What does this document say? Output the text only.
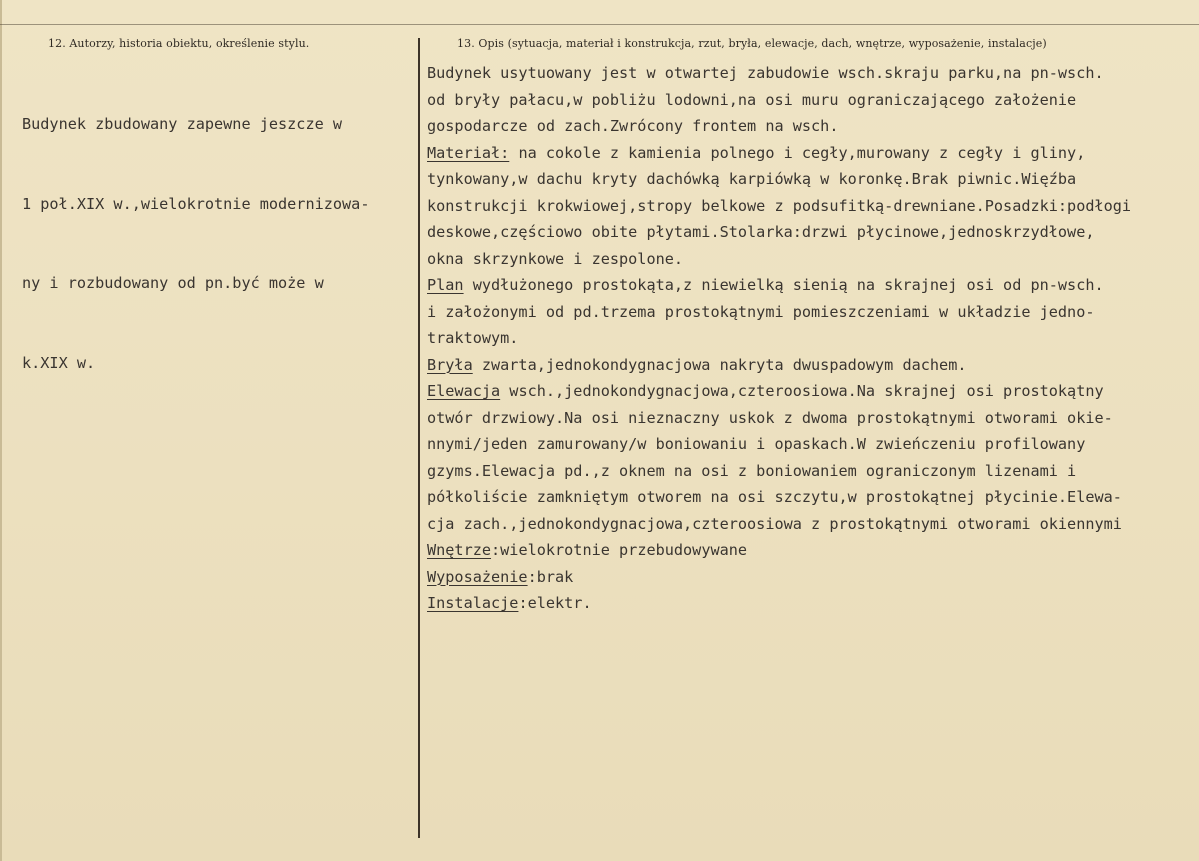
12. Autorzy, historia obiektu, określenie stylu.	13. Opis (sytuacja, materiał i konstrukcja, rzut, bryła, elewacje, dach, wnętrze, wyposażenie, instalacje)

Budynek zbudowany zapewne jeszcze w

1 poł.XIX w.,wielokrotnie modernizowa-

ny i rozbudowany od pn.być może w

k.XIX w.

Budynek usytuowany jest w otwartej zabudowie wsch.skraju parku,na pn-wsch.
od bryły pałacu,w pobliżu lodowni,na osi muru ograniczającego założenie
gospodarcze od zach.Zwrócony frontem na wsch.
Materiał: na cokole z kamienia polnego i cegły,murowany z cegły i gliny,
tynkowany,w dachu kryty dachówką karpiówką w koronkę.Brak piwnic.Więźba
konstrukcji krokwiowej,stropy belkowe z podsufitką-drewniane.Posadzki:podłogi
deskowe,częściowo obite płytami.Stolarka:drzwi płycinowe,jednoskrzydłowe,
okna skrzynkowe i zespolone.
Plan wydłużonego prostokąta,z niewielką sienią na skrajnej osi od pn-wsch.
i założonymi od pd.trzema prostokątnymi pomieszczeniami w układzie jedno-
traktowym.
Bryła zwarta,jednokondygnacjowa nakryta dwuspadowym dachem.
Elewacja wsch.,jednokondygnacjowa,czteroosiowa.Na skrajnej osi prostokątny
otwór drzwiowy.Na osi nieznaczny uskok z dwoma prostokątnymi otworami okie-
nnymi/jeden zamurowany/w boniowaniu i opaskach.W zwieńczeniu profilowany
gzyms.Elewacja pd.,z oknem na osi z boniowaniem ograniczonym lizenami i
półkoliście zamkniętym otworem na osi szczytu,w prostokątnej płycinie.Elewa-
cja zach.,jednokondygnacjowa,czteroosiowa z prostokątnymi otworami okiennymi
Wnętrze:wielokrotnie przebudowywane
Wyposażenie:brak
Instalacje:elektr.
